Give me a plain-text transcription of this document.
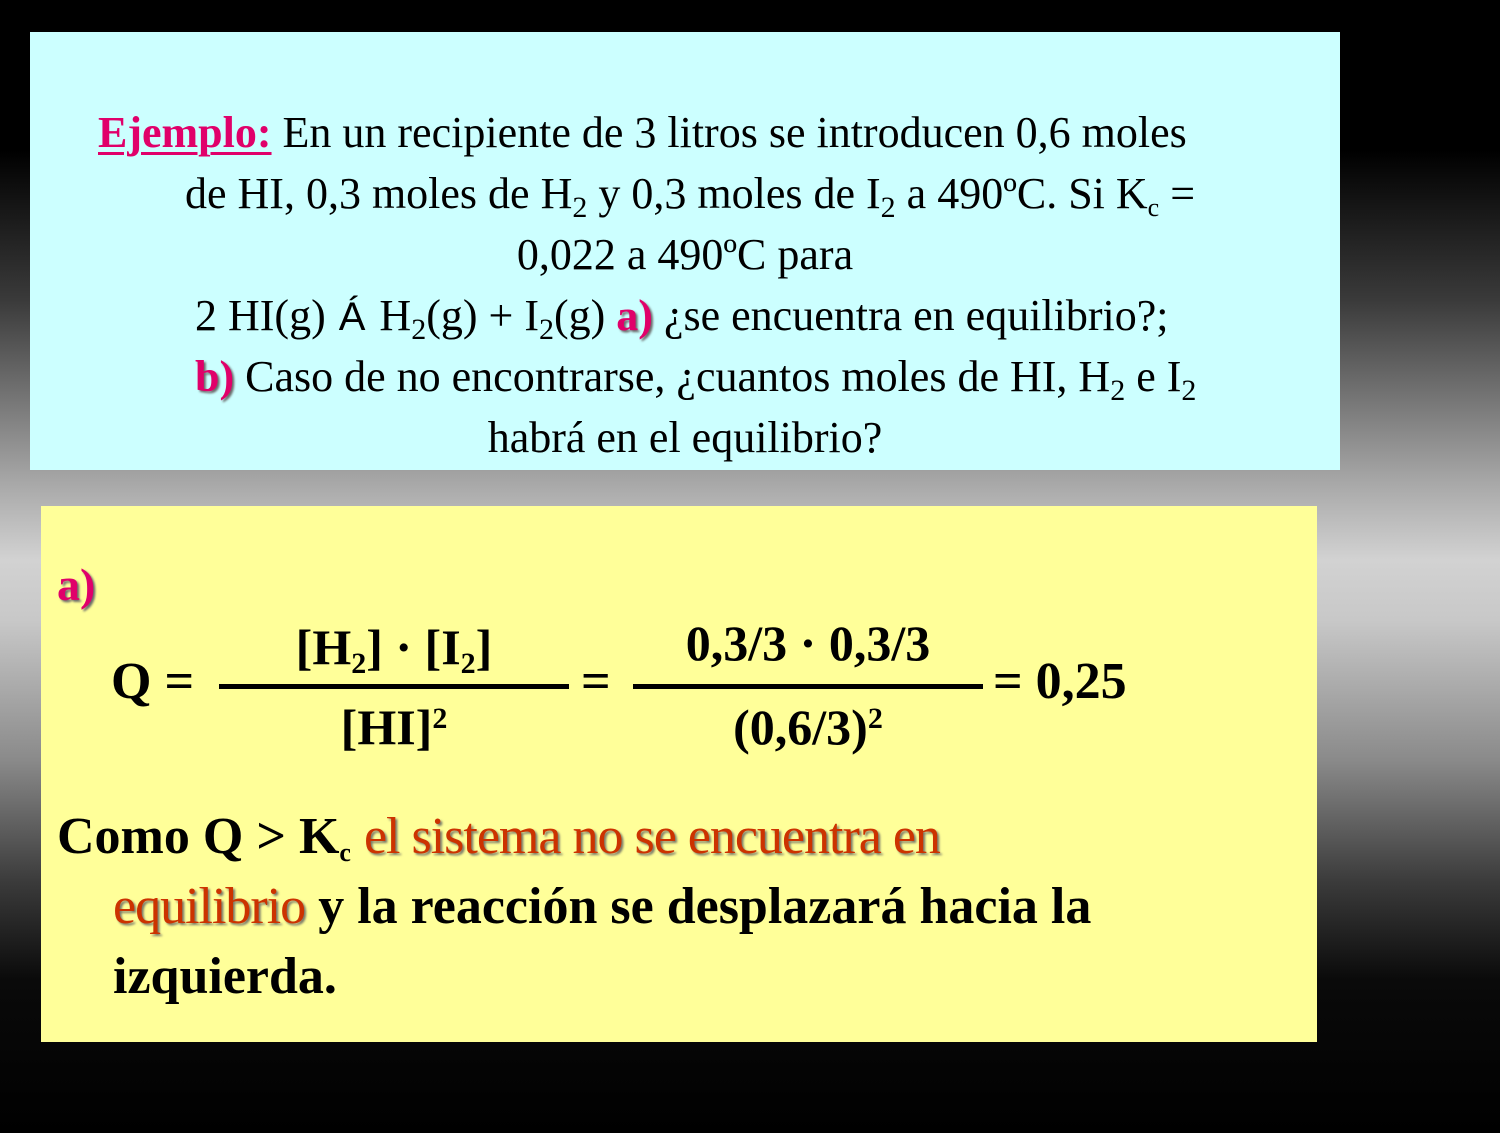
Ejemplo: En un recipiente de 3 litros se introducen 0,6 moles
de HI, 0,3 moles de $H_2$ y 0,3 moles de $I_2$ a 490ºC. Si $K_c$ =
0,022 a 490ºC para
2 HI(g) Á $H_2(g) + I_2(g)$ a) ¿se encuentra en equilibrio?;
b) Caso de no encontrarse, ¿cuantos moles de HI, $H_2$ e $I_2$
habrá en el equilibrio?
a)
Q =
$[H_2] \cdot [I_2]$
[HI]$^2$
=
0,3/3 · 0,3/3
$(0,6/3)^2$
= 0,25
Como $Q > K_c$ el sistema no se encuentra en
equilibrio y la reacción se desplazará hacia la
izquierda.
